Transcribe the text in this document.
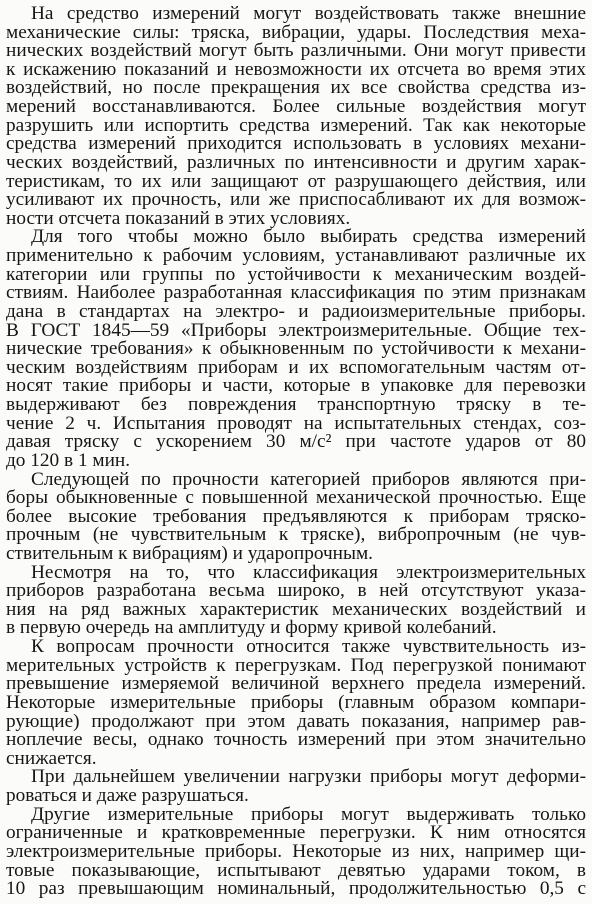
На средство измерений могут воздействовать также внешние
механические силы: тряска, вибрации, удары. Последствия меха-
нических воздействий могут быть различными. Они могут привести
к искажению показаний и невозможности их отсчета во время этих
воздействий, но после прекращения их все свойства средства из-
мерений восстанавливаются. Более сильные воздействия могут
разрушить или испортить средства измерений. Так как некоторые
средства измерений приходится использовать в условиях механи-
ческих воздействий, различных по интенсивности и другим харак-
теристикам, то их или защищают от разрушающего действия, или
усиливают их прочность, или же приспосабливают их для возмож-
ности отсчета показаний в этих условиях.
Для того чтобы можно было выбирать средства измерений
применительно к рабочим условиям, устанавливают различные их
категории или группы по устойчивости к механическим воздей-
ствиям. Наиболее разработанная классификация по этим признакам
дана в стандартах на электро- и радиоизмерительные приборы.
В ГОСТ 1845—59 «Приборы электроизмерительные. Общие тех-
нические требования» к обыкновенным по устойчивости к механи-
ческим воздействиям приборам и их вспомогательным частям от-
носят такие приборы и части, которые в упаковке для перевозки
выдерживают без повреждения транспортную тряску в те-
чение 2 ч. Испытания проводят на испытательных стендах, соз-
давая тряску с ускорением 30 м/с² при частоте ударов от 80
до 120 в 1 мин.
Следующей по прочности категорией приборов являются при-
боры обыкновенные с повышенной механической прочностью. Еще
более высокие требования предъявляются к приборам тряско-
прочным (не чувствительным к тряске), вибропрочным (не чув-
ствительным к вибрациям) и ударопрочным.
Несмотря на то, что классификация электроизмерительных
приборов разработана весьма широко, в ней отсутствуют указа-
ния на ряд важных характеристик механических воздействий и
в первую очередь на амплитуду и форму кривой колебаний.
К вопросам прочности относится также чувствительность из-
мерительных устройств к перегрузкам. Под перегрузкой понимают
превышение измеряемой величиной верхнего предела измерений.
Некоторые измерительные приборы (главным образом компари-
рующие) продолжают при этом давать показания, например рав-
ноплечие весы, однако точность измерений при этом значительно
снижается.
При дальнейшем увеличении нагрузки приборы могут деформи-
роваться и даже разрушаться.
Другие измерительные приборы могут выдерживать только
ограниченные и кратковременные перегрузки. К ним относятся
электроизмерительные приборы. Некоторые из них, например щи-
товые показывающие, испытывают девятью ударами током, в
10 раз превышающим номинальный, продолжительностью 0,5 с
